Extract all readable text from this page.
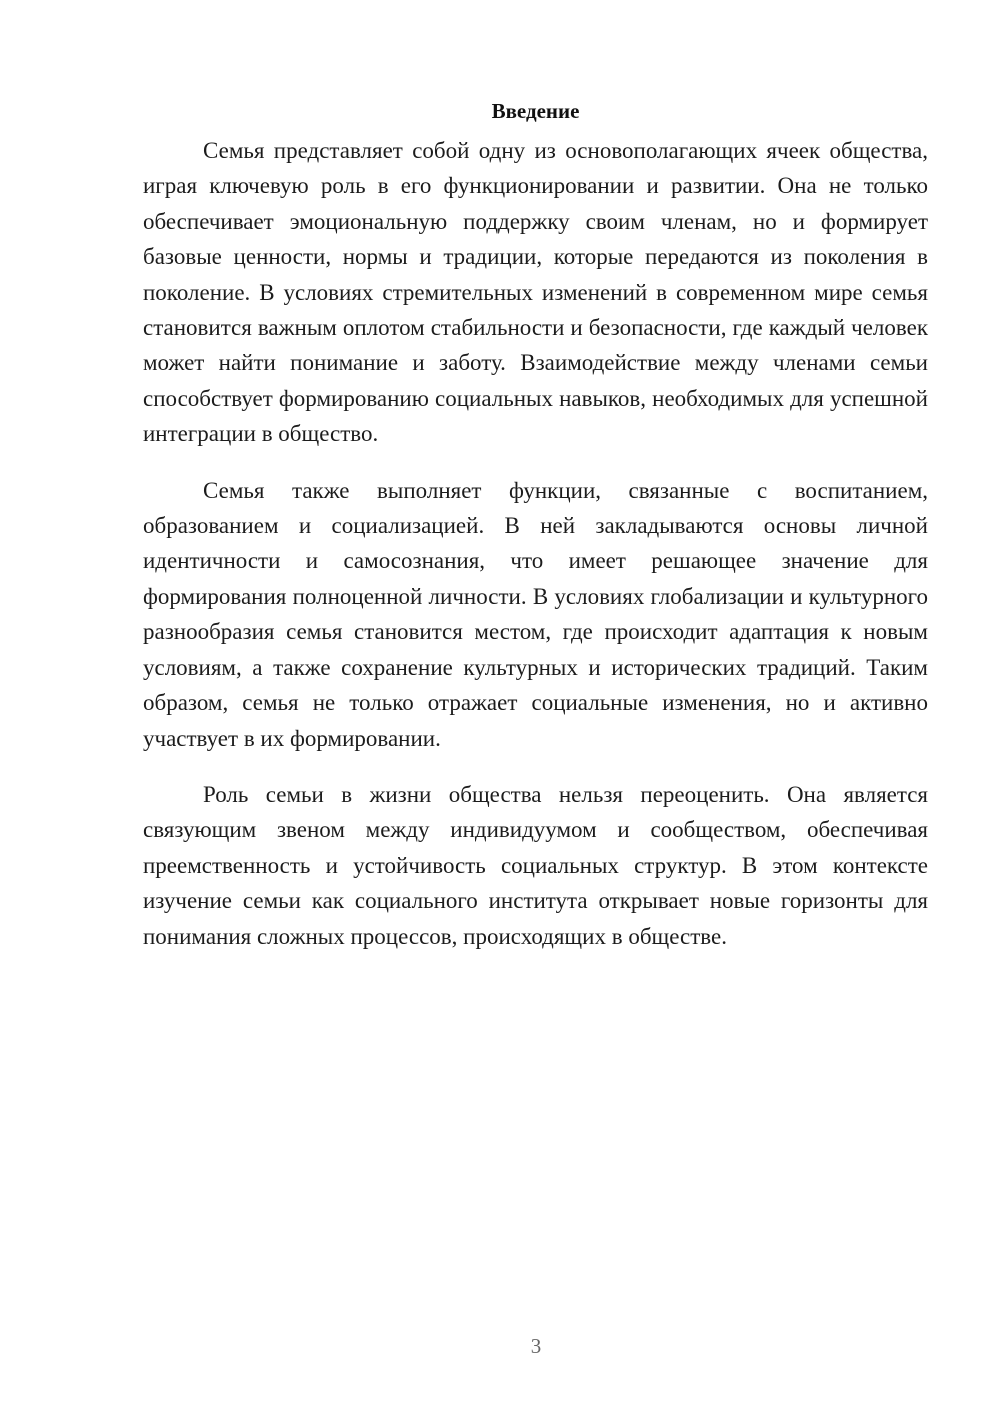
Введение

Семья представляет собой одну из основополагающих ячеек общества, играя ключевую роль в его функционировании и развитии. Она не только обеспечивает эмоциональную поддержку своим членам, но и формирует базовые ценности, нормы и традиции, которые передаются из поколения в поколение. В условиях стремительных изменений в современном мире семья становится важным оплотом стабильности и безопасности, где каждый человек может найти понимание и заботу. Взаимодействие между членами семьи способствует формированию социальных навыков, необходимых для успешной интеграции в общество.

Семья также выполняет функции, связанные с воспитанием, образованием и социализацией. В ней закладываются основы личной идентичности и самосознания, что имеет решающее значение для формирования полноценной личности. В условиях глобализации и культурного разнообразия семья становится местом, где происходит адаптация к новым условиям, а также сохранение культурных и исторических традиций. Таким образом, семья не только отражает социальные изменения, но и активно участвует в их формировании.

Роль семьи в жизни общества нельзя переоценить. Она является связующим звеном между индивидуумом и сообществом, обеспечивая преемственность и устойчивость социальных структур. В этом контексте изучение семьи как социального института открывает новые горизонты для понимания сложных процессов, происходящих в обществе.

3
